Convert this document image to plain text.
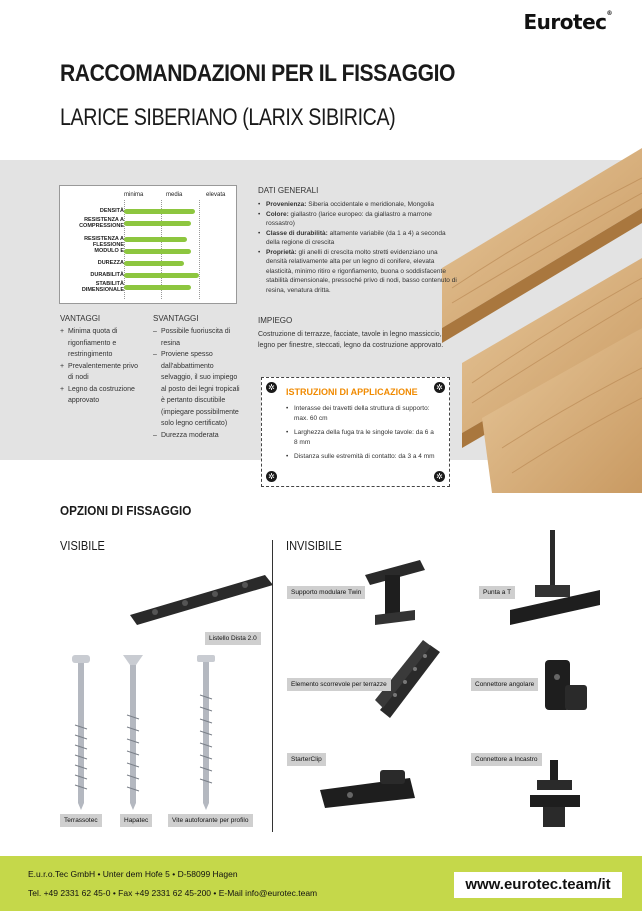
Eurotec®
RACCOMANDAZIONI PER IL FISSAGGIO
LARICE SIBERIANO (LARIX SIBIRICA)
minima	media	elevata
DENSITÀ
RESISTENZA A
COMPRESSIONE
RESISTENZA A FLESSIONE
MODULO E
DUREZZA
DURABILITÀ
STABILITÀ
DIMENSIONALE
DATI GENERALI
• Provenienza: Siberia occidentale e meridionale, Mongolia
• Colore: giallastro (larice europeo: da giallastro a marrone rossastro)
• Classe di durabilità: altamente variabile (da 1 a 4) a seconda della regione di crescita
• Proprietà: gli anelli di crescita molto stretti evidenziano una densità relativamente alta per un legno di conifere, elevata elasticità, minimo ritiro e rigonfiamento, buona o soddisfacente stabilità dimensionale, pressoché privo di nodi, basso contenuto di resina, venatura dritta.
VANTAGGI
+ Minima quota di
rigonfiamento e
restringimento
+ Prevalentemente privo
di nodi
+ Legno da costruzione
approvato
SVANTAGGI
– Possibile fuoriuscita di
resina
– Proviene spesso
dall'abbattimento
selvaggio, il suo impiego
al posto dei legni tropicali
è pertanto discutibile
(impiegare possibilmente
solo legno certificato)
– Durezza moderata
IMPIEGO
Costruzione di terrazze, facciate, tavole in legno massiccio, legno per finestre, steccati, legno da costruzione approvato.
✲	✲
✲	✲
ISTRUZIONI DI APPLICAZIONE
• Interasse dei travetti della struttura di supporto: max. 60 cm
• Larghezza della fuga tra le singole tavole: da 6 a 8 mm
• Distanza sulle estremità di contatto: da 3 a 4 mm
OPZIONI DI FISSAGGIO
VISIBILE	INVISIBILE
Listello Dista 2.0
Terrassotec	Hapatec	Vite autoforante per profilo
Supporto modulare Twin	Punta a T
Elemento scorrevole per terrazze	Connettore angolare
StarterClip	Connettore a Incastro
E.u.r.o.Tec GmbH • Unter dem Hofe 5 • D-58099 Hagen
Tel. +49 2331 62 45-0 • Fax +49 2331 62 45-200 • E-Mail info@eurotec.team	www.eurotec.team/it
